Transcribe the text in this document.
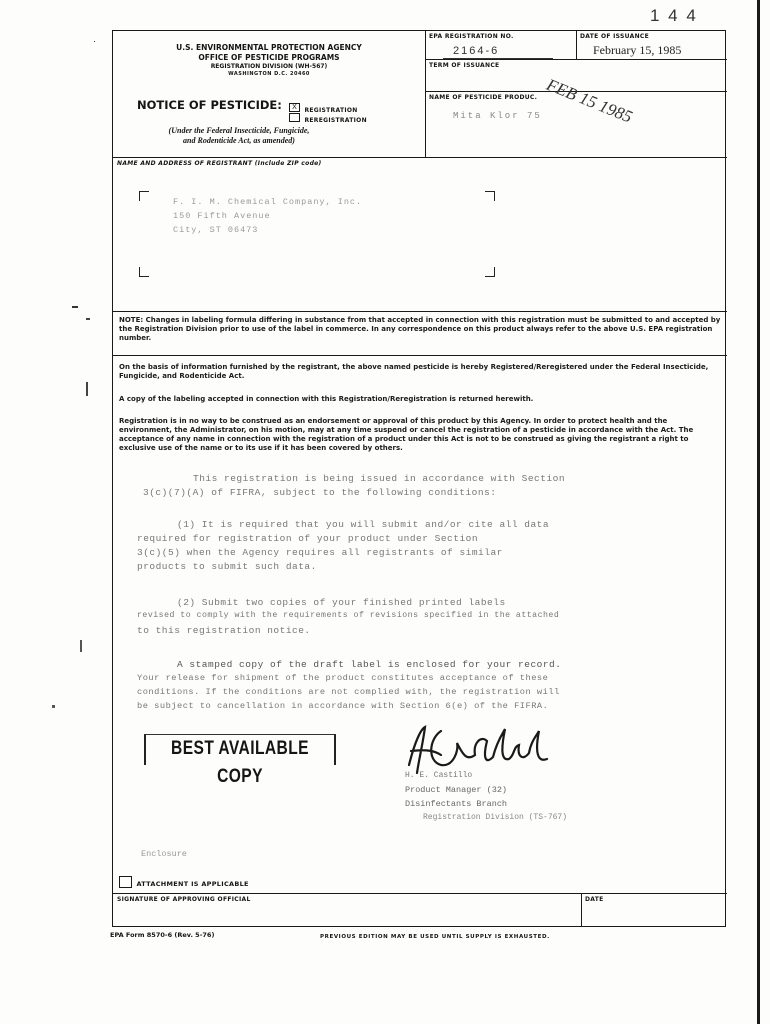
1 4 4
·
U.S. ENVIRONMENTAL PROTECTION AGENCY
OFFICE OF PESTICIDE PROGRAMS
REGISTRATION DIVISION (WH-567)
WASHINGTON D.C. 20460
NOTICE OF PESTICIDE:	X REGISTRATION
REREGISTRATION
(Under the Federal Insecticide, Fungicide,
and Rodenticide Act, as amended)
EPA REGISTRATION NO.
2164-6
DATE OF ISSUANCE
February 15, 1985
TERM OF ISSUANCE
NAME OF PESTICIDE PRODUC.
Mita Klor 75 FEB 15 1985
NAME AND ADDRESS OF REGISTRANT (Include ZIP code)
F. I. M. Chemical Company, Inc.
150 Fifth Avenue
City, ST 06473
NOTE: Changes in labeling formula differing in substance from that accepted in connection with this registration must be submitted to and accepted by the Registration Division prior to use of the label in commerce. In any correspondence on this product always refer to the above U.S. EPA registration number.
On the basis of information furnished by the registrant, the above named pesticide is hereby Registered/Reregistered under the Federal Insecticide, Fungicide, and Rodenticide Act.
A copy of the labeling accepted in connection with this Registration/Reregistration is returned herewith.
Registration is in no way to be construed as an endorsement or approval of this product by this Agency. In order to protect health and the environment, the Administrator, on his motion, may at any time suspend or cancel the registration of a pesticide in accordance with the Act. The acceptance of any name in connection with the registration of a product under this Act is not to be construed as giving the registrant a right to exclusive use of the name or to its use if it has been covered by others.
This registration is being issued in accordance with Section
3(c)(7)(A) of FIFRA, subject to the following conditions:
(1) It is required that you will submit and/or cite all data
required for registration of your product under Section
3(c)(5) when the Agency requires all registrants of similar
products to submit such data.
(2) Submit two copies of your finished printed labels
revised to comply with the requirements of revisions specified in the attached
to this registration notice.
A stamped copy of the draft label is enclosed for your record.
Your release for shipment of the product constitutes acceptance of these
conditions. If the conditions are not complied with, the registration will
be subject to cancellation in accordance with Section 6(e) of the FIFRA.
H. E. Castillo
Product Manager (32)
Disinfectants Branch
Registration Division (TS-767)
Enclosure
ATTACHMENT IS APPLICABLE
SIGNATURE OF APPROVING OFFICIAL	DATE
BEST AVAILABLE COPY
EPA Form 8570-6 (Rev. 5-76)	PREVIOUS EDITION MAY BE USED UNTIL SUPPLY IS EXHAUSTED.
